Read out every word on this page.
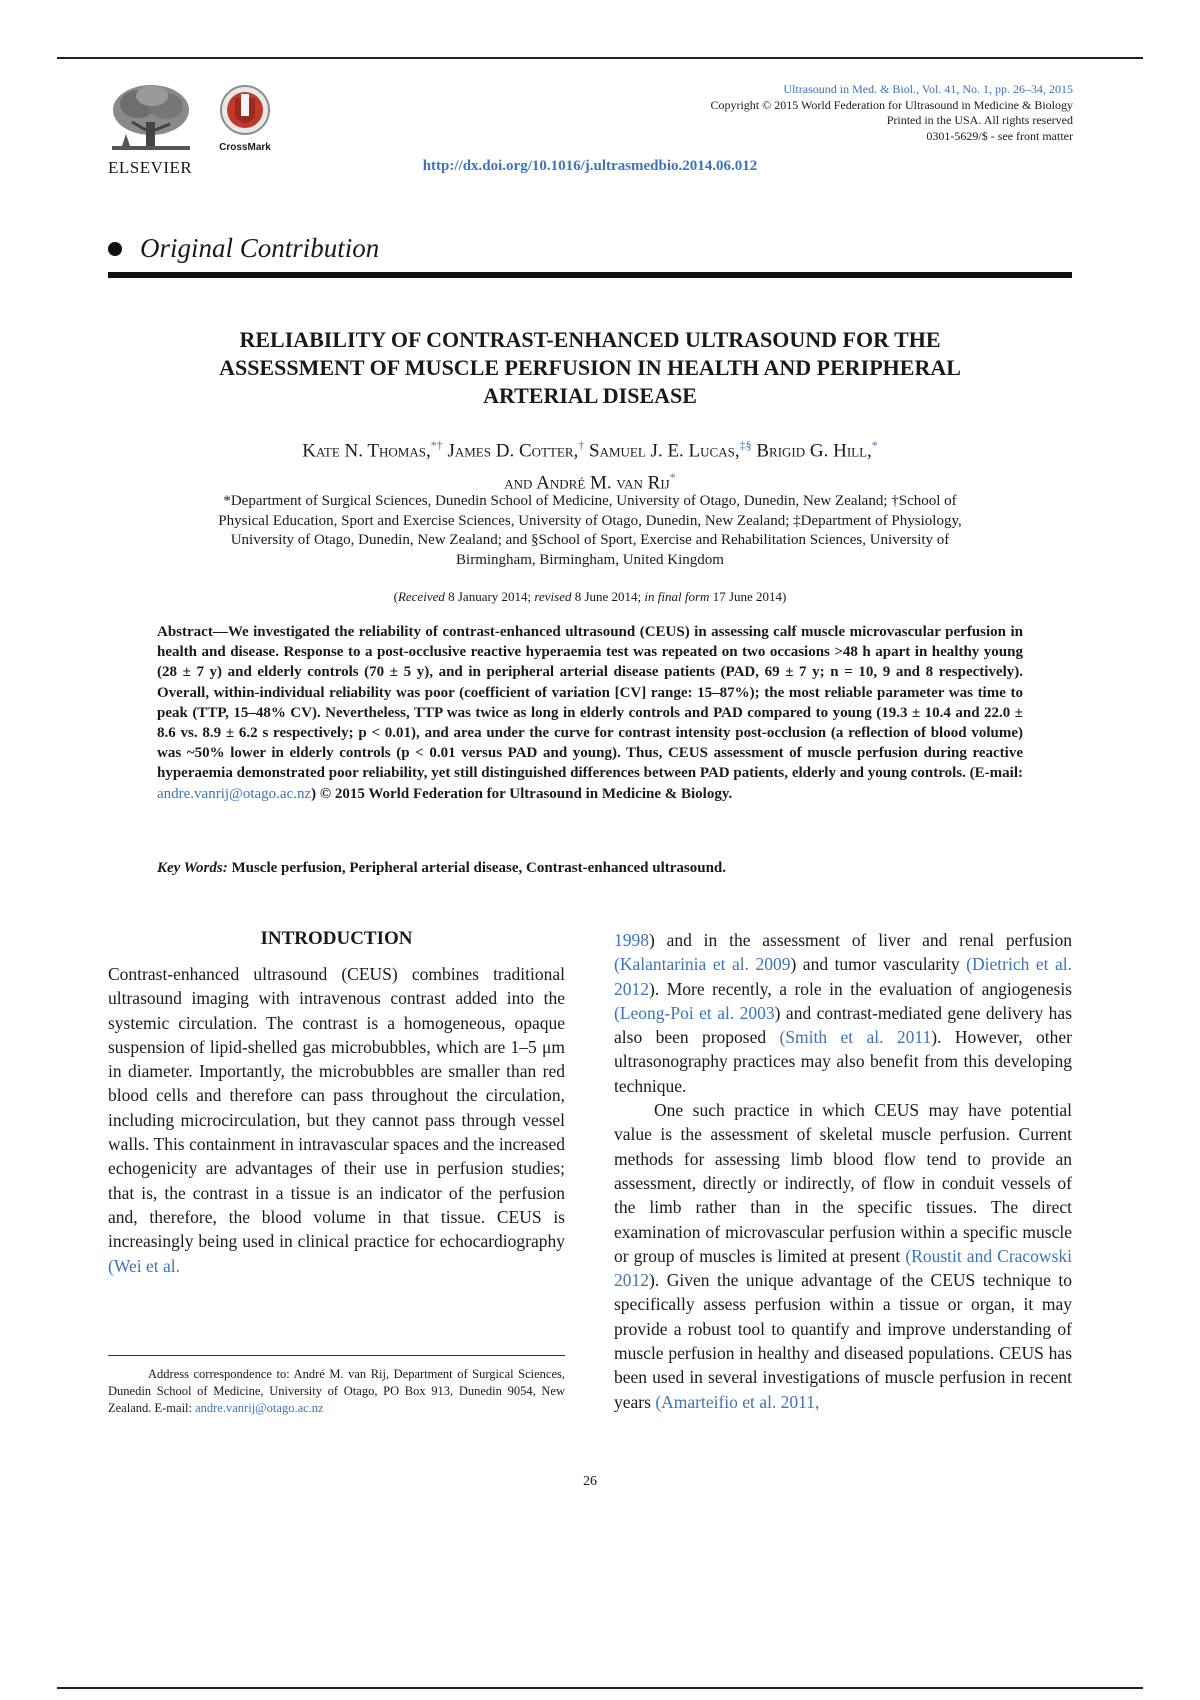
ELSEVIER
CrossMark
Ultrasound in Med. & Biol., Vol. 41, No. 1, pp. 26–34, 2015
Copyright © 2015 World Federation for Ultrasound in Medicine & Biology
Printed in the USA. All rights reserved
0301-5629/$ - see front matter
http://dx.doi.org/10.1016/j.ultrasmedbio.2014.06.012
Original Contribution
RELIABILITY OF CONTRAST-ENHANCED ULTRASOUND FOR THE
ASSESSMENT OF MUSCLE PERFUSION IN HEALTH AND PERIPHERAL
ARTERIAL DISEASE
Kate N. Thomas,*† James D. Cotter,† Samuel J. E. Lucas,‡§ Brigid G. Hill,*
and André M. van Rij*
*Department of Surgical Sciences, Dunedin School of Medicine, University of Otago, Dunedin, New Zealand; †School of
Physical Education, Sport and Exercise Sciences, University of Otago, Dunedin, New Zealand; ‡Department of Physiology,
University of Otago, Dunedin, New Zealand; and §School of Sport, Exercise and Rehabilitation Sciences, University of
Birmingham, Birmingham, United Kingdom
(Received 8 January 2014; revised 8 June 2014; in final form 17 June 2014)
Abstract—We investigated the reliability of contrast-enhanced ultrasound (CEUS) in assessing calf muscle microvascular perfusion in health and disease. Response to a post-occlusive reactive hyperaemia test was repeated on two occasions >48 h apart in healthy young (28 ± 7 y) and elderly controls (70 ± 5 y), and in peripheral arterial disease patients (PAD, 69 ± 7 y; n = 10, 9 and 8 respectively). Overall, within-individual reliability was poor (coefficient of variation [CV] range: 15–87%); the most reliable parameter was time to peak (TTP, 15–48% CV). Nevertheless, TTP was twice as long in elderly controls and PAD compared to young (19.3 ± 10.4 and 22.0 ± 8.6 vs. 8.9 ± 6.2 s respectively; p < 0.01), and area under the curve for contrast intensity post-occlusion (a reflection of blood volume) was ~50% lower in elderly controls (p < 0.01 versus PAD and young). Thus, CEUS assessment of muscle perfusion during reactive hyperaemia demonstrated poor reliability, yet still distinguished differences between PAD patients, elderly and young controls. (E-mail: andre.vanrij@otago.ac.nz) © 2015 World Federation for Ultrasound in Medicine & Biology.
Key Words: Muscle perfusion, Peripheral arterial disease, Contrast-enhanced ultrasound.
INTRODUCTION

Contrast-enhanced ultrasound (CEUS) combines traditional ultrasound imaging with intravenous contrast added into the systemic circulation. The contrast is a homogeneous, opaque suspension of lipid-shelled gas microbubbles, which are 1–5 μm in diameter. Importantly, the microbubbles are smaller than red blood cells and therefore can pass throughout the circulation, including microcirculation, but they cannot pass through vessel walls. This containment in intravascular spaces and the increased echogenicity are advantages of their use in perfusion studies; that is, the contrast in a tissue is an indicator of the perfusion and, therefore, the blood volume in that tissue. CEUS is increasingly being used in clinical practice for echocardiography (Wei et al.

1998) and in the assessment of liver and renal perfusion (Kalantarinia et al. 2009) and tumor vascularity (Dietrich et al. 2012). More recently, a role in the evaluation of angiogenesis (Leong-Poi et al. 2003) and contrast-mediated gene delivery has also been proposed (Smith et al. 2011). However, other ultrasonography practices may also benefit from this developing technique.

One such practice in which CEUS may have potential value is the assessment of skeletal muscle perfusion. Current methods for assessing limb blood flow tend to provide an assessment, directly or indirectly, of flow in conduit vessels of the limb rather than in the specific tissues. The direct examination of microvascular perfusion within a specific muscle or group of muscles is limited at present (Roustit and Cracowski 2012). Given the unique advantage of the CEUS technique to specifically assess perfusion within a tissue or organ, it may provide a robust tool to quantify and improve understanding of muscle perfusion in healthy and diseased populations. CEUS has been used in several investigations of muscle perfusion in recent years (Amarteifio et al. 2011,

Address correspondence to: André M. van Rij, Department of Surgical Sciences, Dunedin School of Medicine, University of Otago, PO Box 913, Dunedin 9054, New Zealand. E-mail: andre.vanrij@otago.ac.nz
26
